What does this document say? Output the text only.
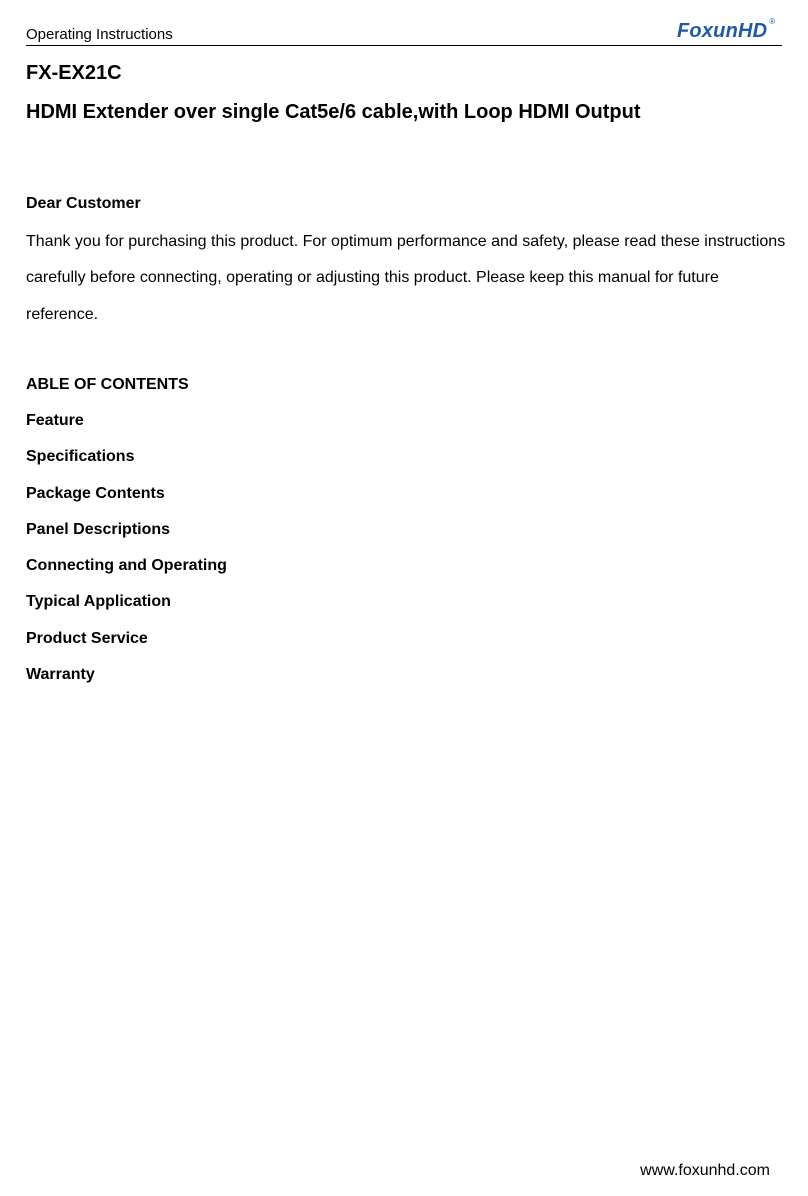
Operating Instructions	FoxunHD ®
FX-EX21C
HDMI Extender over single Cat5e/6 cable,with Loop HDMI Output
Dear Customer

Thank you for purchasing this product. For optimum performance and safety, please read these instructions carefully before connecting, operating or adjusting this product. Please keep this manual for future reference.

ABLE OF CONTENTS
Feature
Specifications
Package Contents
Panel Descriptions
Connecting and Operating
Typical Application
Product Service
Warranty
www.foxunhd.com
